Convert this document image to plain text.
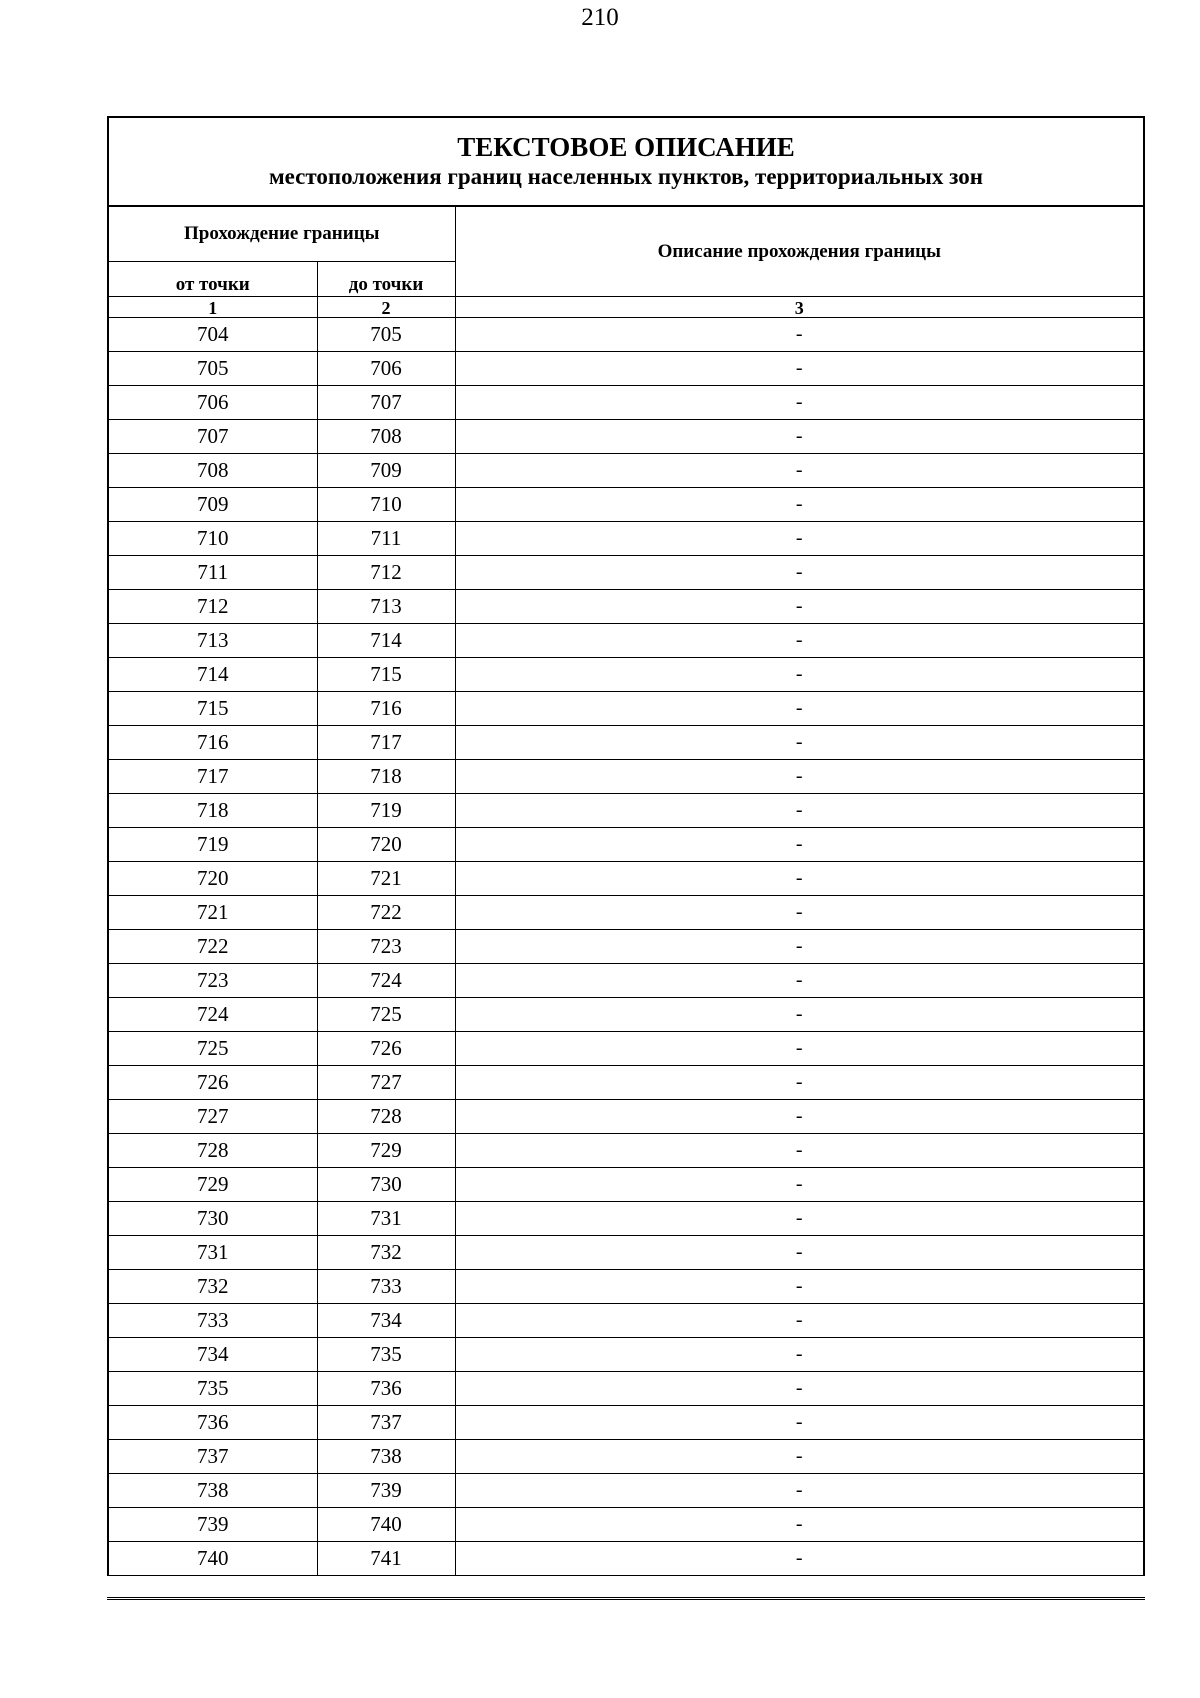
210
ТЕКСТОВОЕ ОПИСАНИЕ
местоположения границ населенных пунктов, территориальных зон
Прохождение границы		Описание прохождения границы
от точки	до точки	
1	2	3
704	705	-
705	706	-
706	707	-
707	708	-
708	709	-
709	710	-
710	711	-
711	712	-
712	713	-
713	714	-
714	715	-
715	716	-
716	717	-
717	718	-
718	719	-
719	720	-
720	721	-
721	722	-
722	723	-
723	724	-
724	725	-
725	726	-
726	727	-
727	728	-
728	729	-
729	730	-
730	731	-
731	732	-
732	733	-
733	734	-
734	735	-
735	736	-
736	737	-
737	738	-
738	739	-
739	740	-
740	741	-
